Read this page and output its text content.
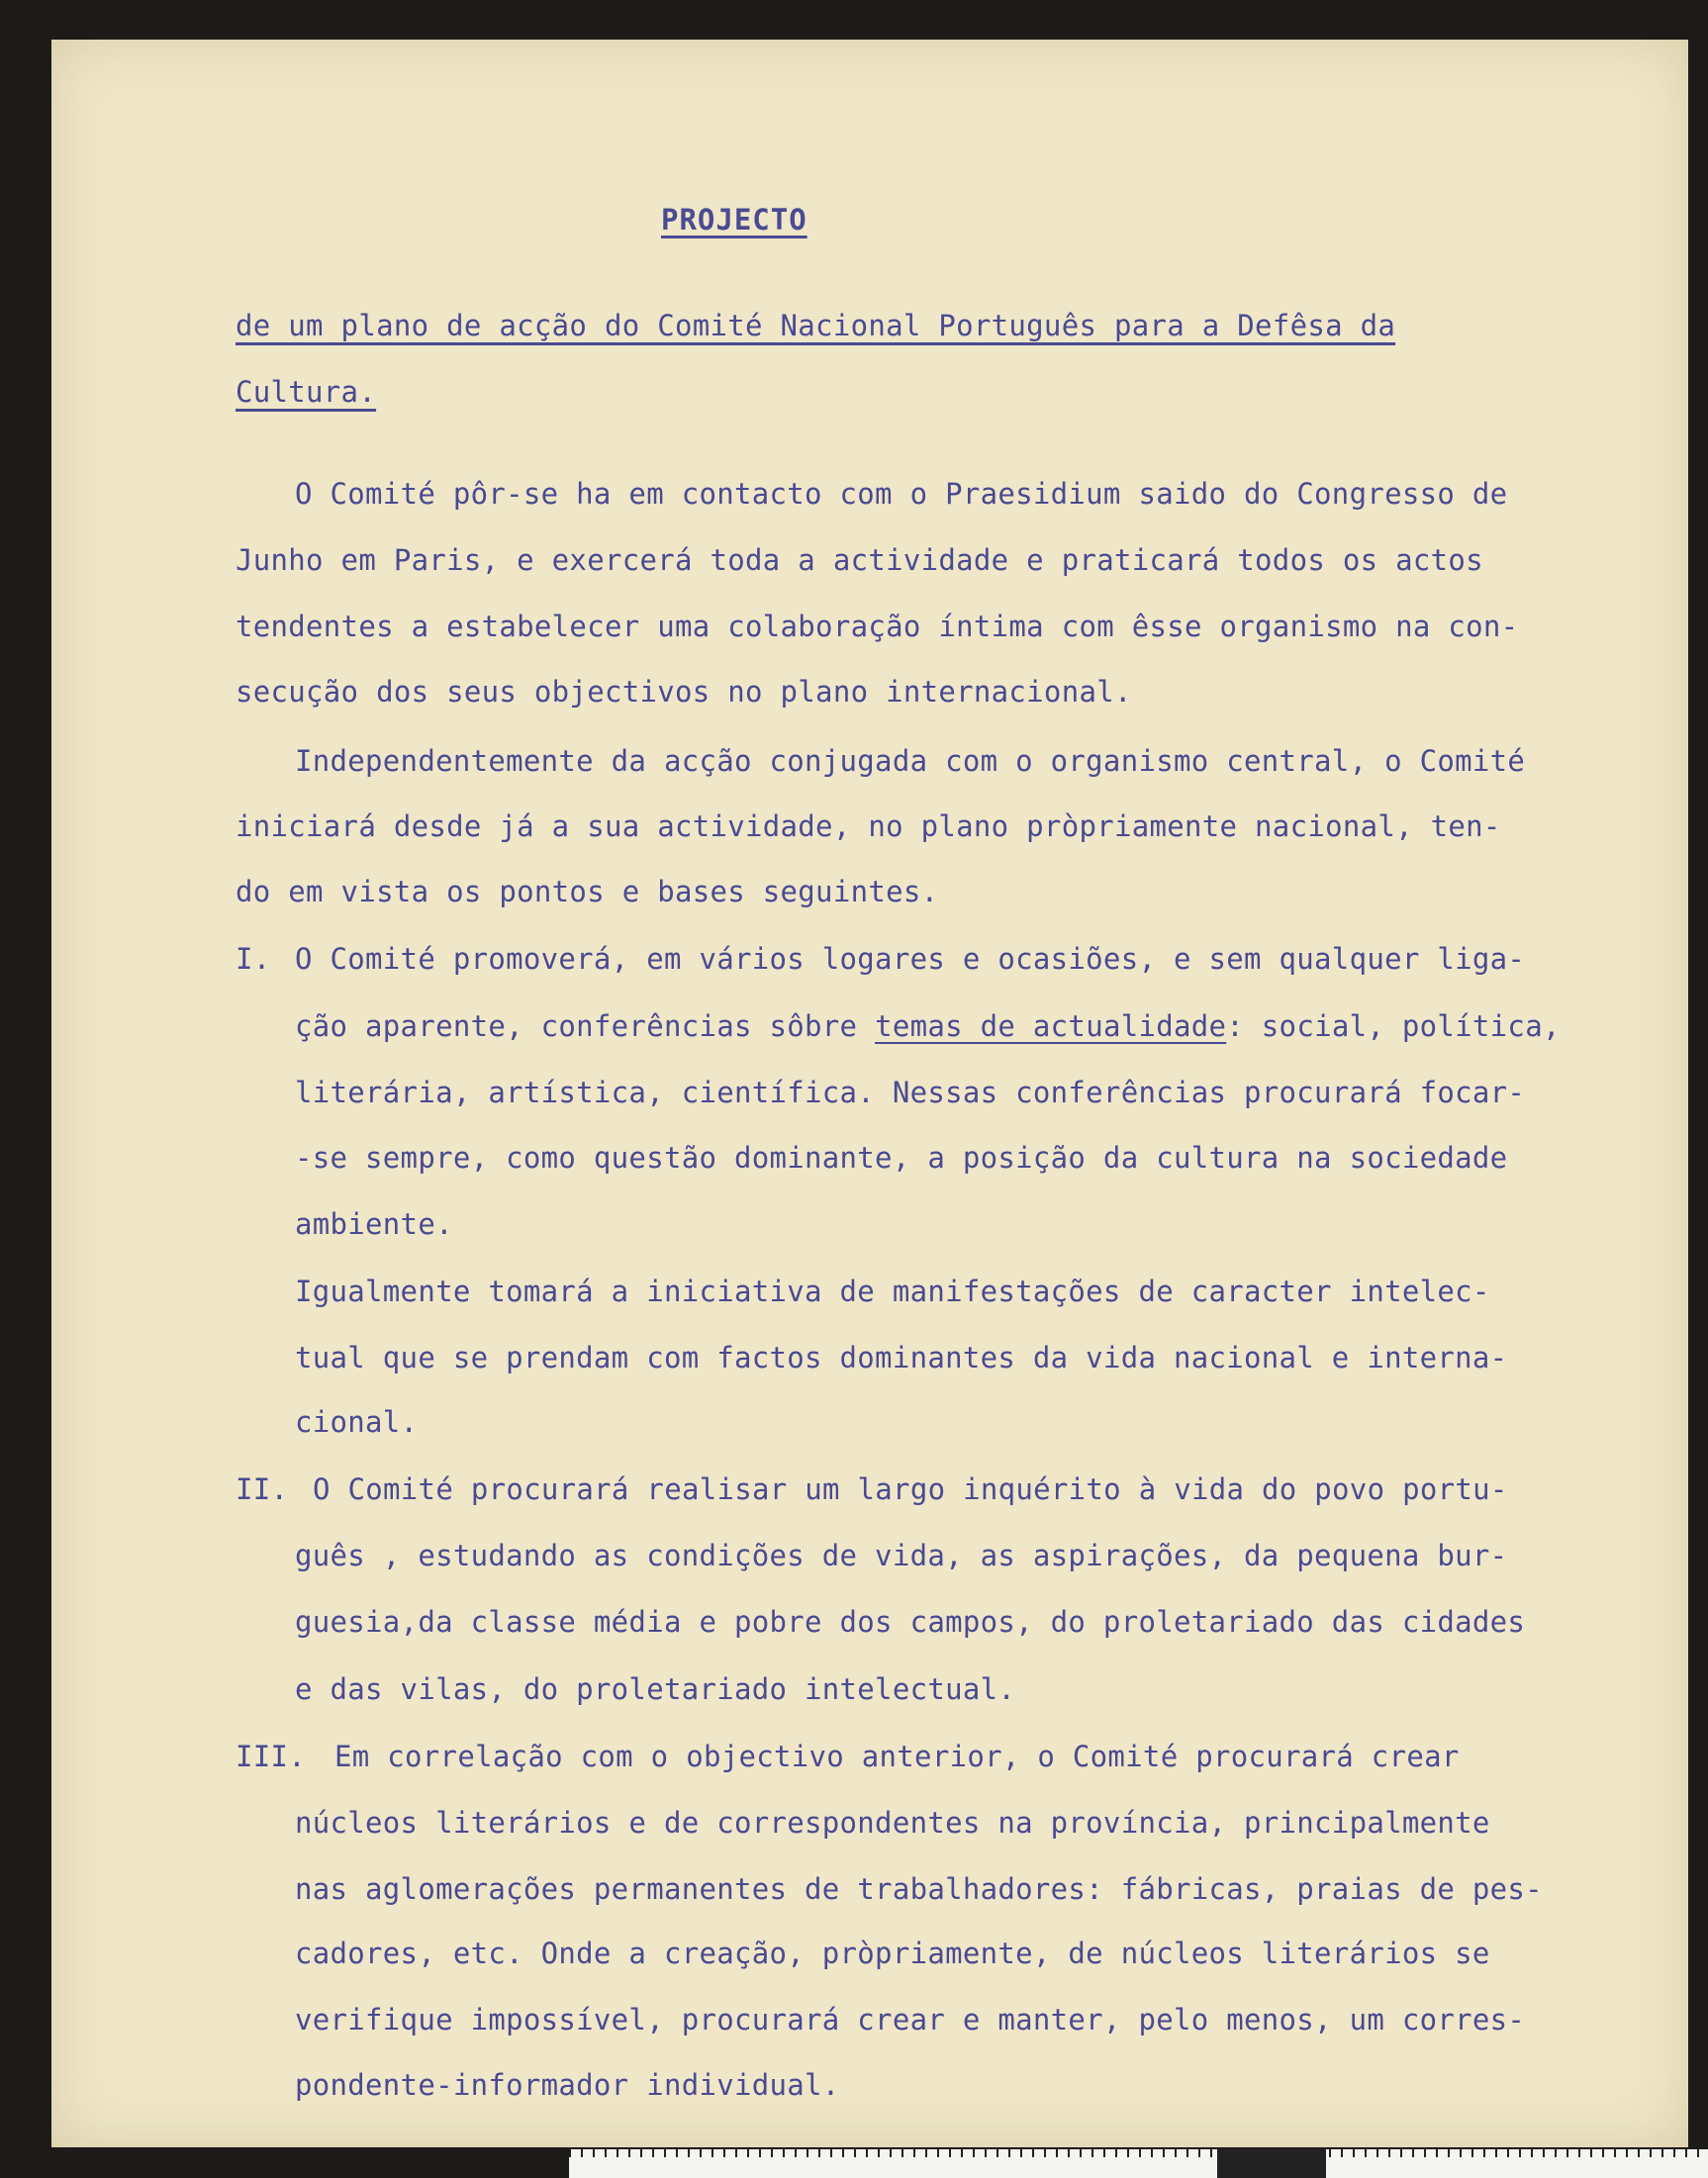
PROJECTO
de um plano de acção do Comité Nacional Português para a Defêsa da
Cultura.
O Comité pôr-se ha em contacto com o Praesidium saido do Congresso de
Junho em Paris, e exercerá toda a actividade e praticará todos os actos
tendentes a estabelecer uma colaboração íntima com êsse organismo na con-
secução dos seus objectivos no plano internacional.
Independentemente da acção conjugada com o organismo central, o Comité
iniciará desde já a sua actividade, no plano pròpriamente nacional, ten-
do em vista os pontos e bases seguintes.
I. O Comité promoverá, em vários logares e ocasiões, e sem qualquer liga-
ção aparente, conferências sôbre temas de actualidade: social, política,
literária, artística, científica. Nessas conferências procurará focar-
-se sempre, como questão dominante, a posição da cultura na sociedade
ambiente.
Igualmente tomará a iniciativa de manifestações de caracter intelec-
tual que se prendam com factos dominantes da vida nacional e interna-
cional.
II. O Comité procurará realisar um largo inquérito à vida do povo portu-
guês , estudando as condições de vida, as aspirações, da pequena bur-
guesia,da classe média e pobre dos campos, do proletariado das cidades
e das vilas, do proletariado intelectual.
III. Em correlação com o objectivo anterior, o Comité procurará crear
núcleos literários e de correspondentes na província, principalmente
nas aglomerações permanentes de trabalhadores: fábricas, praias de pes-
cadores, etc. Onde a creação, pròpriamente, de núcleos literários se
verifique impossível, procurará crear e manter, pelo menos, um corres-
pondente-informador individual.
